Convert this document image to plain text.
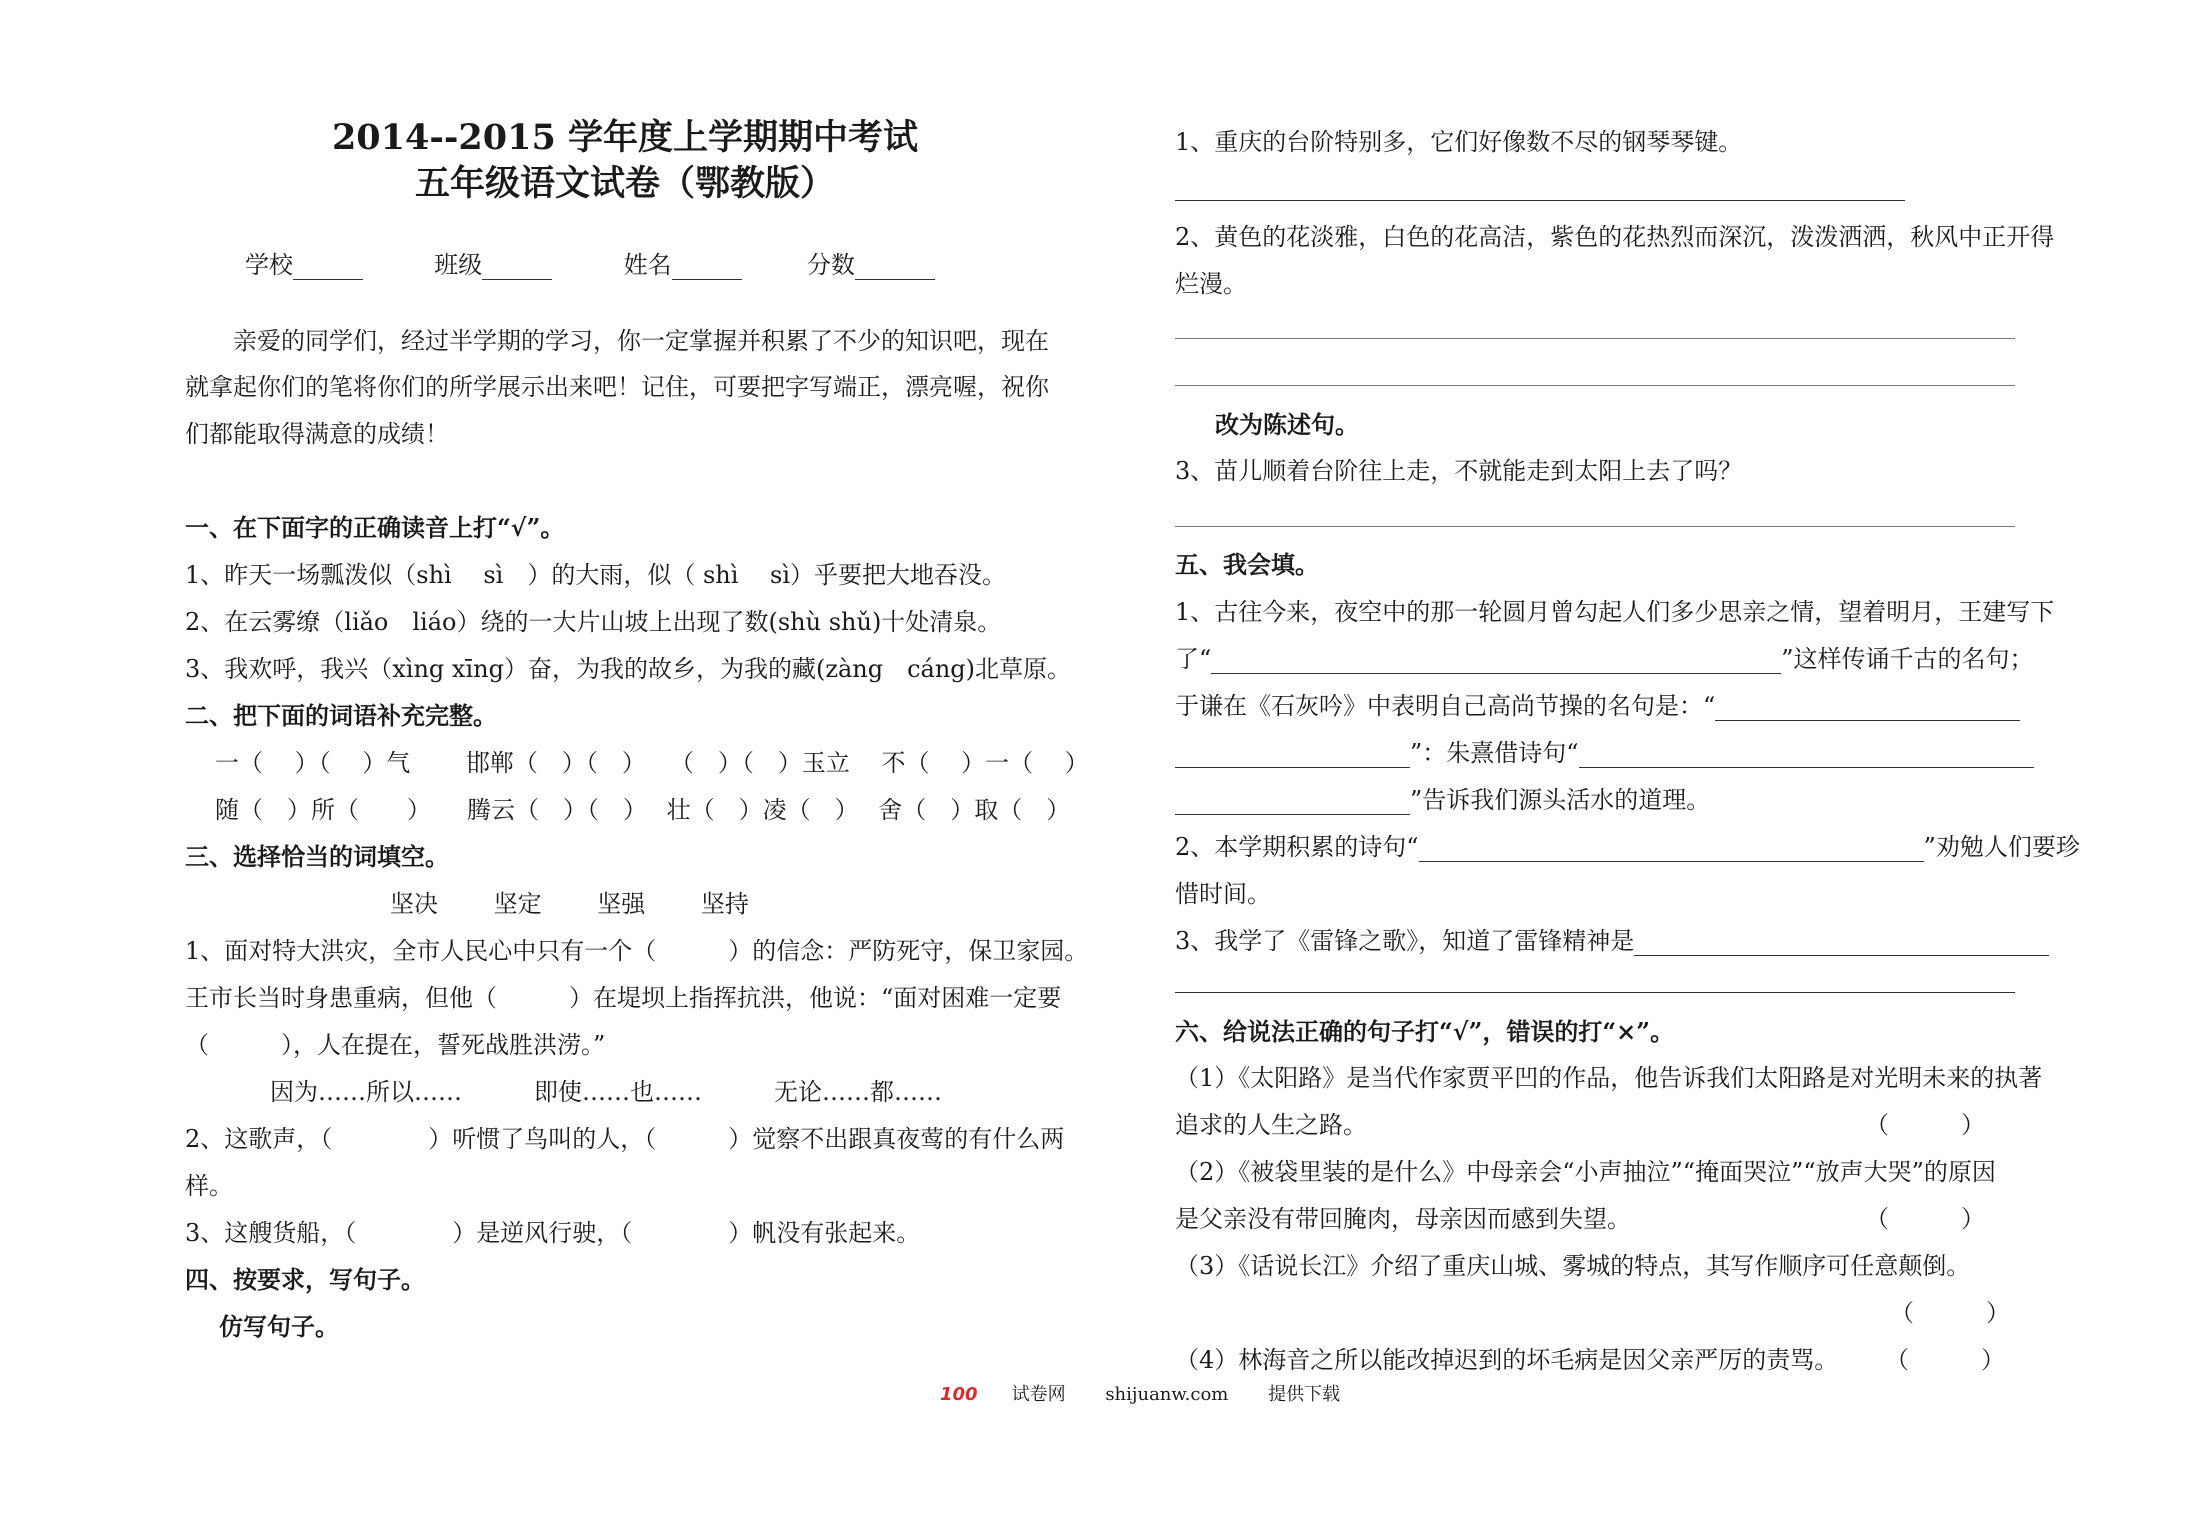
2014--2015 学年度上学期期中考试
五年级语文试卷（鄂教版）
学校	班级	姓名	分数
亲爱的同学们，经过半学期的学习，你一定掌握并积累了不少的知识吧，现在
就拿起你们的笔将你们的所学展示出来吧！记住，可要把字写端正，漂亮喔，祝你
们都能取得满意的成绩！
一、在下面字的正确读音上打“√”。
1、昨天一场瓢泼似（shì　 sì　）的大雨，似（ shì　 sì）乎要把大地吞没。
2、在云雾缭（liǎo　liáo）绕的一大片山坡上出现了数(shù shǔ)十处清泉。
3、我欢呼，我兴（xìng xīng）奋，为我的故乡，为我的藏(zàng　cáng)北草原。
二、把下面的词语补充完整。
一（　 ）（　 ）气　　 邯郸（　）（　）　　（　）（　）玉立　 不（　 ）一（　 ）
随（　）所（　　）　　腾云（　）（　）　 壮（　）凌（　）　 舍（　）取（　）
三、选择恰当的词填空。
坚决　　 坚定　　 坚强　　 坚持
1、面对特大洪灾，全市人民心中只有一个（　　　）的信念：严防死守，保卫家园。
王市长当时身患重病，但他（　　　）在堤坝上指挥抗洪，他说：“面对困难一定要
（　　　），人在提在，誓死战胜洪涝。”
因为……所以……　　　即使……也……　　　无论……都……
2、这歌声，（　　　　）听惯了鸟叫的人，（　　　）觉察不出跟真夜莺的有什么两
样。
3、这艘货船，（　　　　）是逆风行驶，（　　　　）帆没有张起来。
四、按要求，写句子。
仿写句子。
1、重庆的台阶特别多，它们好像数不尽的钢琴琴键。
2、黄色的花淡雅，白色的花高洁，紫色的花热烈而深沉，泼泼洒洒，秋风中正开得
烂漫。
改为陈述句。
3、苗儿顺着台阶往上走，不就能走到太阳上去了吗？
五、我会填。
1、古往今来，夜空中的那一轮圆月曾勾起人们多少思亲之情，望着明月，王建写下
了“	”这样传诵千古的名句；
于谦在《石灰吟》中表明自己高尚节操的名句是：“
”：朱熹借诗句“
”告诉我们源头活水的道理。
2、本学期积累的诗句“	”劝勉人们要珍
惜时间。
3、我学了《雷锋之歌》，知道了雷锋精神是
六、给说法正确的句子打“√”，错误的打“×”。
（1）《太阳路》是当代作家贾平凹的作品，他告诉我们太阳路是对光明未来的执著
追求的人生之路。	（　　　）
（2）《被袋里装的是什么》中母亲会“小声抽泣”“掩面哭泣”“放声大哭”的原因
是父亲没有带回腌肉，母亲因而感到失望。	（　　　）
（3）《话说长江》介绍了重庆山城、雾城的特点，其写作顺序可任意颠倒。
（　　　）
（4）林海音之所以能改掉迟到的坏毛病是因父亲严厉的责骂。 （　　　）
100 试卷网 shijuanw.com 提供下载
